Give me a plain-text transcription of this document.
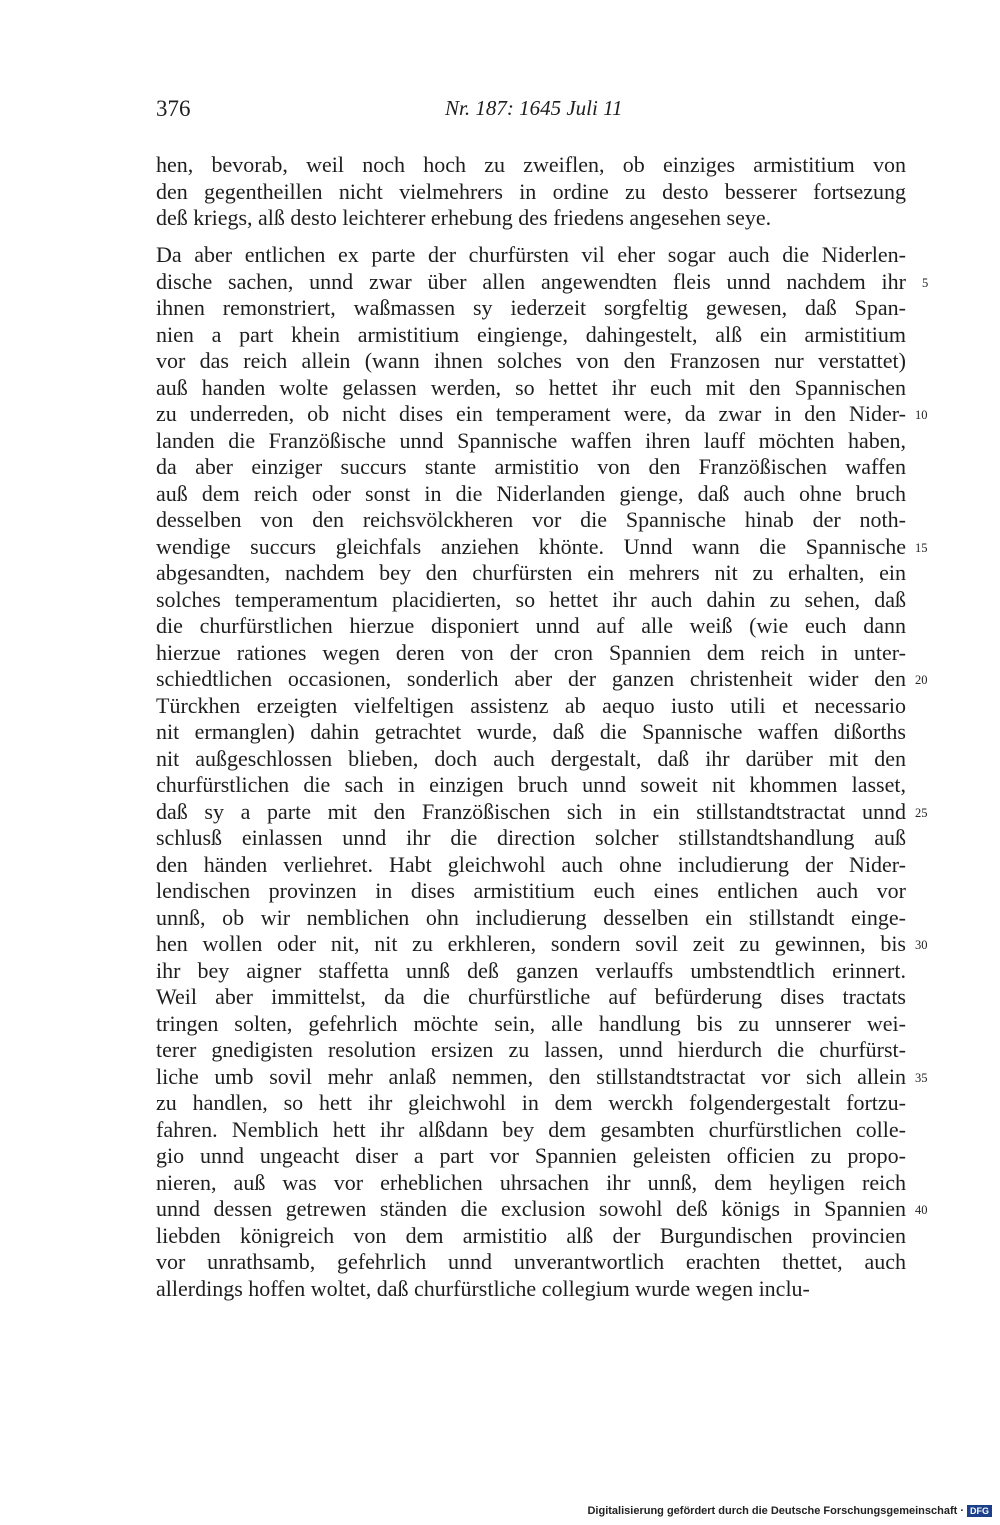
376	Nr. 187: 1645 Juli 11
hen, bevorab, weil noch hoch zu zweiflen, ob einziges armistitium von
den gegentheillen nicht vielmehrers in ordine zu desto besserer fortsezung
deß kriegs, alß desto leichterer erhebung des friedens angesehen seye.
Da aber entlichen ex parte der churfürsten vil eher sogar auch die Niderlen-
dische sachen, unnd zwar über allen angewendten fleis unnd nachdem ihr
ihnen remonstriert, waßmassen sy iederzeit sorgfeltig gewesen, daß Span-
nien a part khein armistitium eingienge, dahingestelt, alß ein armistitium
vor das reich allein (wann ihnen solches von den Franzosen nur verstattet)
auß handen wolte gelassen werden, so hettet ihr euch mit den Spannischen
zu underreden, ob nicht dises ein temperament were, da zwar in den Nider-
landen die Franzößische unnd Spannische waffen ihren lauff möchten haben,
da aber einziger succurs stante armistitio von den Franzößischen waffen
auß dem reich oder sonst in die Niderlanden gienge, daß auch ohne bruch
desselben von den reichsvölckheren vor die Spannische hinab der noth-
wendige succurs gleichfals anziehen khönte. Unnd wann die Spannische
abgesandten, nachdem bey den churfürsten ein mehrers nit zu erhalten, ein
solches temperamentum placidierten, so hettet ihr auch dahin zu sehen, daß
die churfürstlichen hierzue disponiert unnd auf alle weiß (wie euch dann
hierzue rationes wegen deren von der cron Spannien dem reich in unter-
schiedtlichen occasionen, sonderlich aber der ganzen christenheit wider den
Türckhen erzeigten vielfeltigen assistenz ab aequo iusto utili et necessario
nit ermanglen) dahin getrachtet wurde, daß die Spannische waffen dißorths
nit außgeschlossen blieben, doch auch dergestalt, daß ihr darüber mit den
churfürstlichen die sach in einzigen bruch unnd soweit nit khommen lasset,
daß sy a parte mit den Franzößischen sich in ein stillstandtstractat unnd
schlusß einlassen unnd ihr die direction solcher stillstandtshandlung auß
den händen verliehret. Habt gleichwohl auch ohne includierung der Nider-
lendischen provinzen in dises armistitium euch eines entlichen auch vor
unnß, ob wir nemblichen ohn includierung desselben ein stillstandt einge-
hen wollen oder nit, nit zu erkhleren, sondern sovil zeit zu gewinnen, bis
ihr bey aigner staffetta unnß deß ganzen verlauffs umbstendtlich erinnert.
Weil aber immittelst, da die churfürstliche auf befürderung dises tractats
tringen solten, gefehrlich möchte sein, alle handlung bis zu unnserer wei-
terer gnedigisten resolution ersizen zu lassen, unnd hierdurch die churfürst-
liche umb sovil mehr anlaß nemmen, den stillstandtstractat vor sich allein
zu handlen, so hett ihr gleichwohl in dem werckh folgendergestalt fortzu-
fahren. Nemblich hett ihr alßdann bey dem gesambten churfürstlichen colle-
gio unnd ungeacht diser a part vor Spannien geleisten officien zu propo-
nieren, auß was vor erheblichen uhrsachen ihr unnß, dem heyligen reich
unnd dessen getrewen ständen die exclusion sowohl deß königs in Spannien
liebden königreich von dem armistitio alß der Burgundischen provincien
vor unrathsamb, gefehrlich unnd unverantwortlich erachten thettet, auch
allerdings hoffen woltet, daß churfürstliche collegium wurde wegen inclu-
5
10
15
20
25
30
35
40
Digitalisierung gefördert durch die Deutsche Forschungsgemeinschaft · DFG
